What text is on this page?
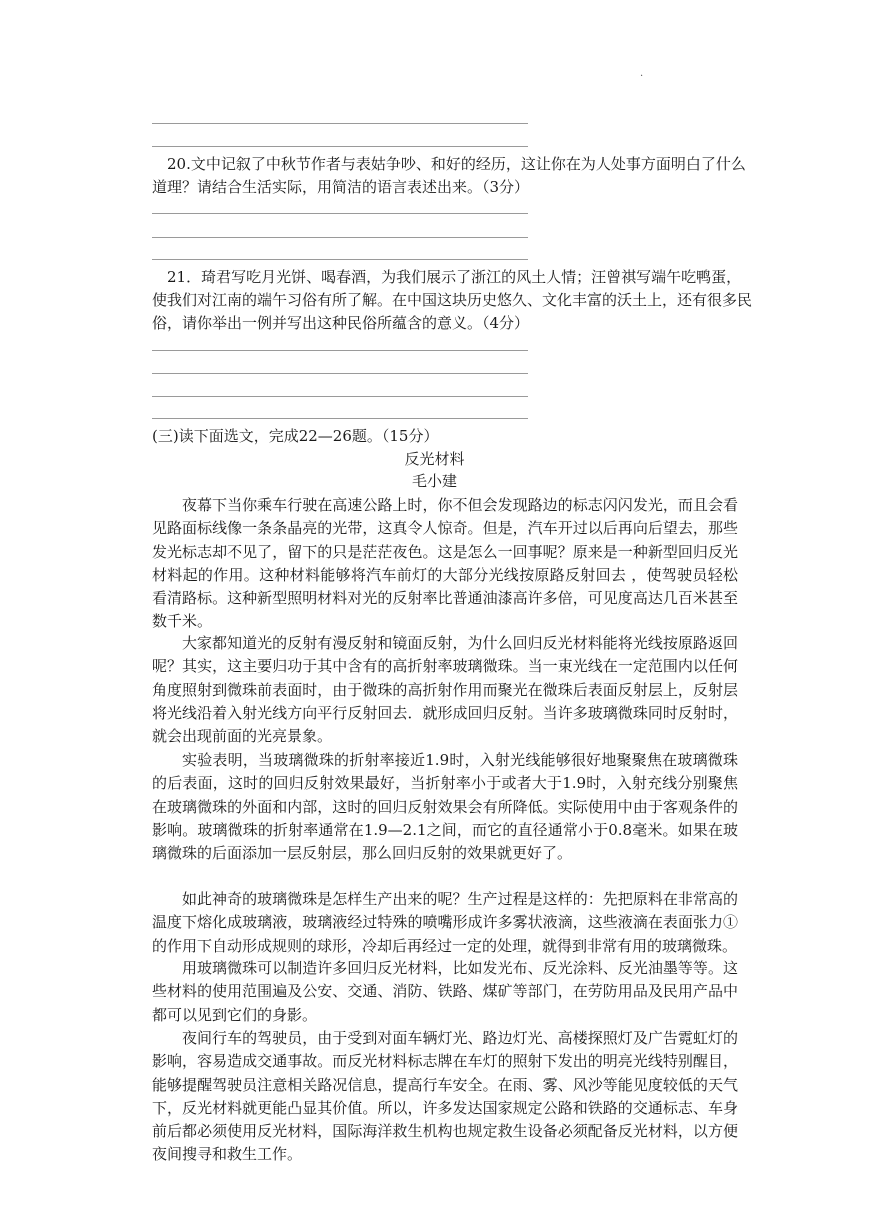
.

20.文中记叙了中秋节作者与表姑争吵、和好的经历，这让你在为人处事方面明白了什么道理？请结合生活实际，用简洁的语言表述出来。（3分）

21．琦君写吃月光饼、喝春酒，为我们展示了浙江的风土人情；汪曾祺写端午吃鸭蛋，使我们对江南的端午习俗有所了解。在中国这块历史悠久、文化丰富的沃土上，还有很多民俗，请你举出一例并写出这种民俗所蕴含的意义。（4分）

(三)读下面选文，完成22—26题。（15分）

反光材料

毛小建

夜幕下当你乘车行驶在高速公路上时，你不但会发现路边的标志闪闪发光，而且会看见路面标线像一条条晶亮的光带，这真令人惊奇。但是，汽车开过以后再向后望去，那些发光标志却不见了，留下的只是茫茫夜色。这是怎么一回事呢？原来是一种新型回归反光材料起的作用。这种材料能够将汽车前灯的大部分光线按原路反射回去 ，使驾驶员轻松看清路标。这种新型照明材料对光的反射率比普通油漆高许多倍，可见度高达几百米甚至数千米。

大家都知道光的反射有漫反射和镜面反射，为什么回归反光材料能将光线按原路返回呢？其实，这主要归功于其中含有的高折射率玻璃微珠。当一束光线在一定范围内以任何角度照射到微珠前表面时，由于微珠的高折射作用而聚光在微珠后表面反射层上，反射层将光线沿着入射光线方向平行反射回去．就形成回归反射。当许多玻璃微珠同时反射时，就会出现前面的光亮景象。

实验表明，当玻璃微珠的折射率接近1.9时，入射光线能够很好地聚聚焦在玻璃微珠的后表面，这时的回归反射效果最好，当折射率小于或者大于1.9时，入射充线分别聚焦在玻璃微珠的外面和内部，这时的回归反射效果会有所降低。实际使用中由于客观条件的影响。玻璃微珠的折射率通常在1.9—2.1之间，而它的直径通常小于0.8毫米。如果在玻璃微珠的后面添加一层反射层，那么回归反射的效果就更好了。

如此神奇的玻璃微珠是怎样生产出来的呢？生产过程是这样的：先把原料在非常高的温度下熔化成玻璃液，玻璃液经过特殊的喷嘴形成许多雾状液滴，这些液滴在表面张力①的作用下自动形成规则的球形，冷却后再经过一定的处理，就得到非常有用的玻璃微珠。

用玻璃微珠可以制造许多回归反光材料，比如发光布、反光涂料、反光油墨等等。这些材料的使用范围遍及公安、交通、消防、铁路、煤矿等部门，在劳防用品及民用产品中都可以见到它们的身影。

夜间行车的驾驶员，由于受到对面车辆灯光、路边灯光、高楼探照灯及广告霓虹灯的影响，容易造成交通事故。而反光材料标志牌在车灯的照射下发出的明亮光线特别醒目，能够提醒驾驶员注意相关路况信息，提高行车安全。在雨、雾、风沙等能见度较低的天气下，反光材料就更能凸显其价值。所以，许多发达国家规定公路和铁路的交通标志、车身前后都必须使用反光材料，国际海洋救生机构也规定救生设备必须配备反光材料，以方便夜间搜寻和救生工作。
